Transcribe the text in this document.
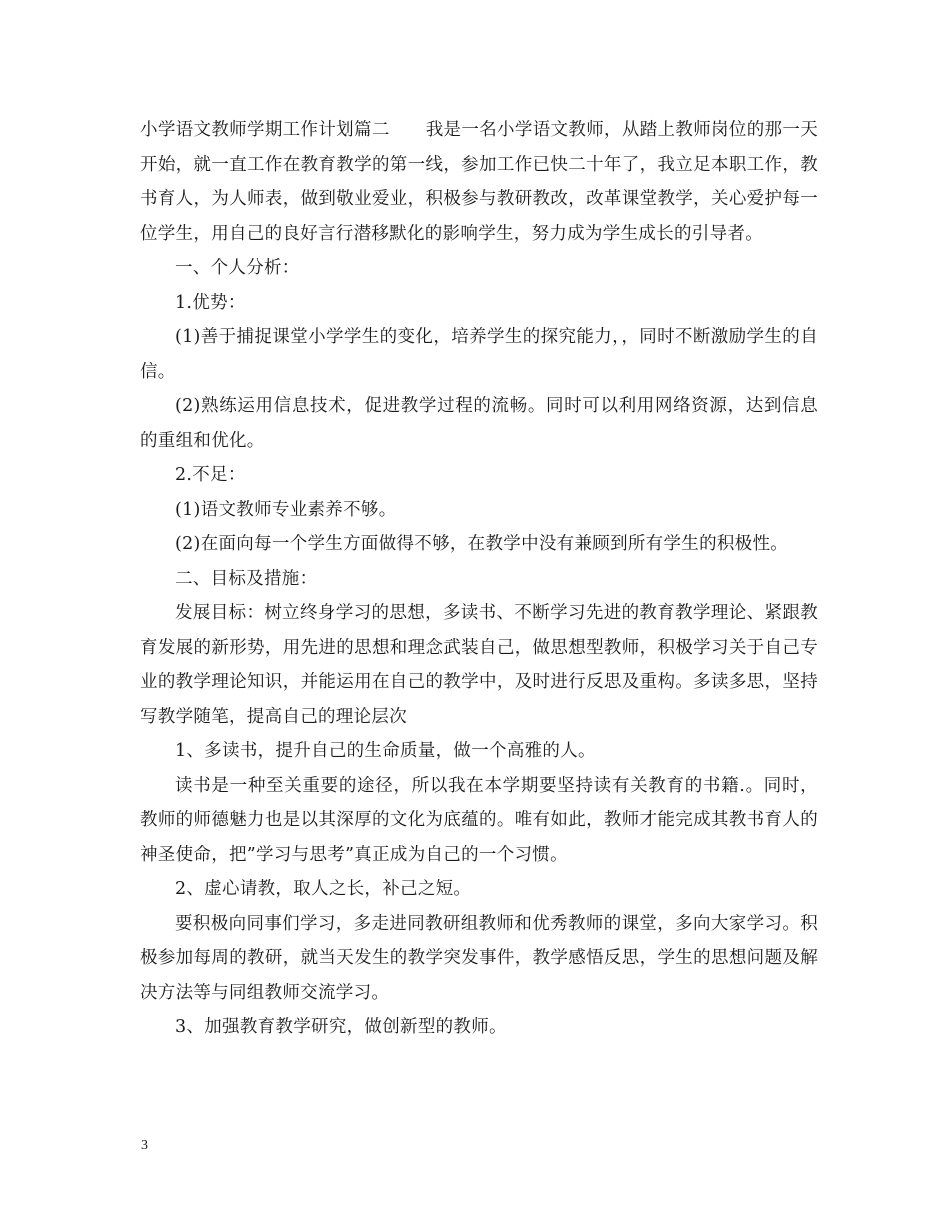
小学语文教师学期工作计划篇二 我是一名小学语文教师，从踏上教师岗位的那一天开始，就一直工作在教育教学的第一线，参加工作已快二十年了，我立足本职工作，教书育人，为人师表，做到敬业爱业，积极参与教研教改，改革课堂教学，关心爱护每一位学生，用自己的良好言行潜移默化的影响学生，努力成为学生成长的引导者。

一、个人分析：

1.优势：

(1)善于捕捉课堂小学学生的变化，培养学生的探究能力，，同时不断激励学生的自信。

(2)熟练运用信息技术，促进教学过程的流畅。同时可以利用网络资源，达到信息的重组和优化。

2.不足：

(1)语文教师专业素养不够。

(2)在面向每一个学生方面做得不够，在教学中没有兼顾到所有学生的积极性。

二、目标及措施：

发展目标：树立终身学习的思想，多读书、不断学习先进的教育教学理论、紧跟教育发展的新形势，用先进的思想和理念武装自己，做思想型教师，积极学习关于自己专业的教学理论知识，并能运用在自己的教学中，及时进行反思及重构。多读多思，坚持写教学随笔，提高自己的理论层次

1、多读书，提升自己的生命质量，做一个高雅的人。

读书是一种至关重要的途径，所以我在本学期要坚持读有关教育的书籍.。同时，教师的师德魅力也是以其深厚的文化为底蕴的。唯有如此，教师才能完成其教书育人的神圣使命，把”学习与思考”真正成为自己的一个习惯。

2、虚心请教，取人之长，补己之短。

要积极向同事们学习，多走进同教研组教师和优秀教师的课堂，多向大家学习。积极参加每周的教研，就当天发生的教学突发事件，教学感悟反思，学生的思想问题及解决方法等与同组教师交流学习。

3、加强教育教学研究，做创新型的教师。

3
